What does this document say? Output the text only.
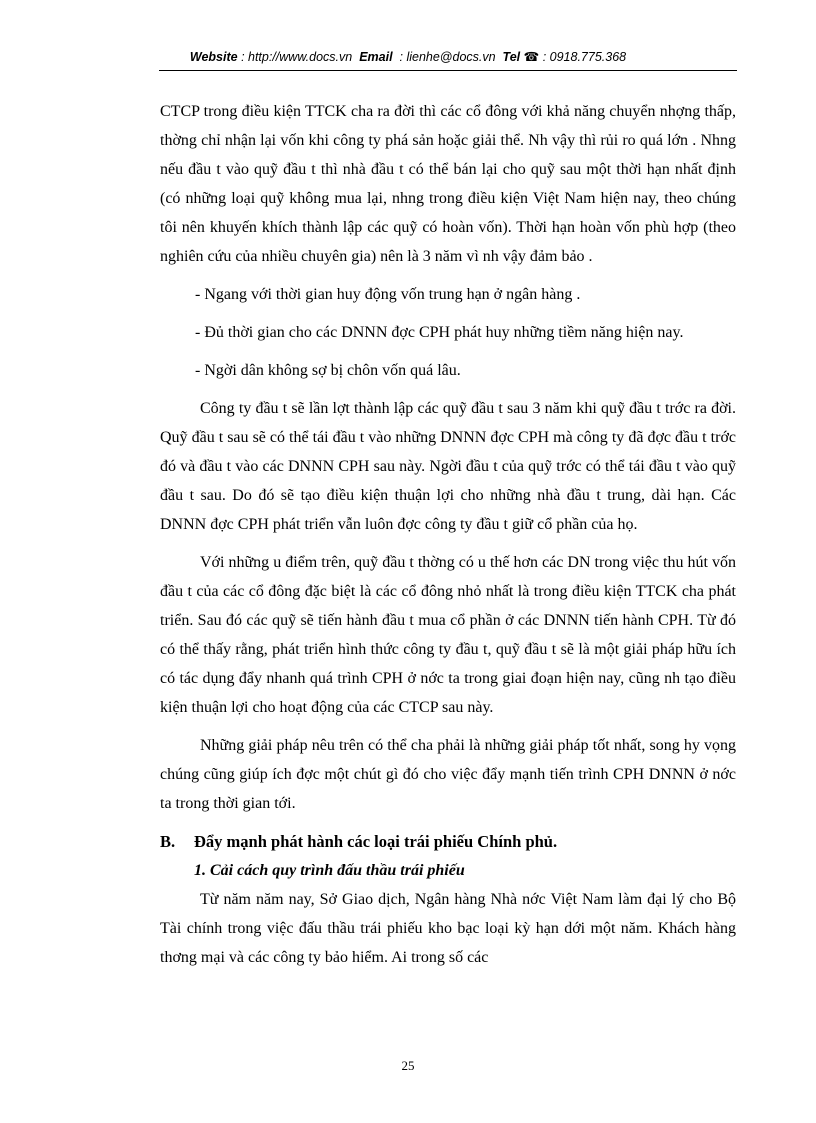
Website : http://www.docs.vn Email : lienhe@docs.vn Tel ☎ : 0918.775.368

CTCP trong điều kiện TTCK cha ra đời thì các cổ đông với khả năng chuyển nhợng thấp, thờng chỉ nhận lại vốn khi công ty phá sản hoặc giải thể. Nh vậy thì rủi ro quá lớn . Nhng nếu đầu t vào quỹ đầu t thì nhà đầu t có thể bán lại cho quỹ sau một thời hạn nhất định (có những loại quỹ không mua lại, nhng trong điều kiện Việt Nam hiện nay, theo chúng tôi nên khuyến khích thành lập các quỹ có hoàn vốn). Thời hạn hoàn vốn phù hợp (theo nghiên cứu của nhiều chuyên gia) nên là 3 năm vì nh vậy đảm bảo .

- Ngang với thời gian huy động vốn trung hạn ở ngân hàng .

- Đủ thời gian cho các DNNN đợc CPH phát huy những tiềm năng hiện nay.

- Ngời dân không sợ bị chôn vốn quá lâu.

Công ty đầu t sẽ lần lợt thành lập các quỹ đầu t sau 3 năm khi quỹ đầu t trớc ra đời. Quỹ đầu t sau sẽ có thể tái đầu t vào những DNNN đợc CPH mà công ty đã đợc đầu t trớc đó và đầu t vào các DNNN CPH sau này. Ngời đầu t của quỹ trớc có thể tái đầu t vào quỹ đầu t sau. Do đó sẽ tạo điều kiện thuận lợi cho những nhà đầu t trung, dài hạn. Các DNNN đợc CPH phát triển vẫn luôn đợc công ty đầu t giữ cổ phần của họ.

Với những u điểm trên, quỹ đầu t thờng có u thế hơn các DN trong việc thu hút vốn đầu t của các cổ đông đặc biệt là các cổ đông nhỏ nhất là trong điều kiện TTCK cha phát triển. Sau đó các quỹ sẽ tiến hành đầu t mua cổ phần ở các DNNN tiến hành CPH. Từ đó có thể thấy rằng, phát triển hình thức công ty đầu t, quỹ đầu t sẽ là một giải pháp hữu ích có tác dụng đẩy nhanh quá trình CPH ở nớc ta trong giai đoạn hiện nay, cũng nh tạo điều kiện thuận lợi cho hoạt động của các CTCP sau này.

Những giải pháp nêu trên có thể cha phải là những giải pháp tốt nhất, song hy vọng chúng cũng giúp ích đợc một chút gì đó cho việc đẩy mạnh tiến trình CPH DNNN ở nớc ta trong thời gian tới.

B. Đẩy mạnh phát hành các loại trái phiếu Chính phủ.
1. Cải cách quy trình đấu thầu trái phiếu

Từ năm năm nay, Sở Giao dịch, Ngân hàng Nhà nớc Việt Nam làm đại lý cho Bộ Tài chính trong việc đấu thầu trái phiếu kho bạc loại kỳ hạn dới một năm. Khách hàng thơng mại và các công ty bảo hiểm. Ai trong số các

25
